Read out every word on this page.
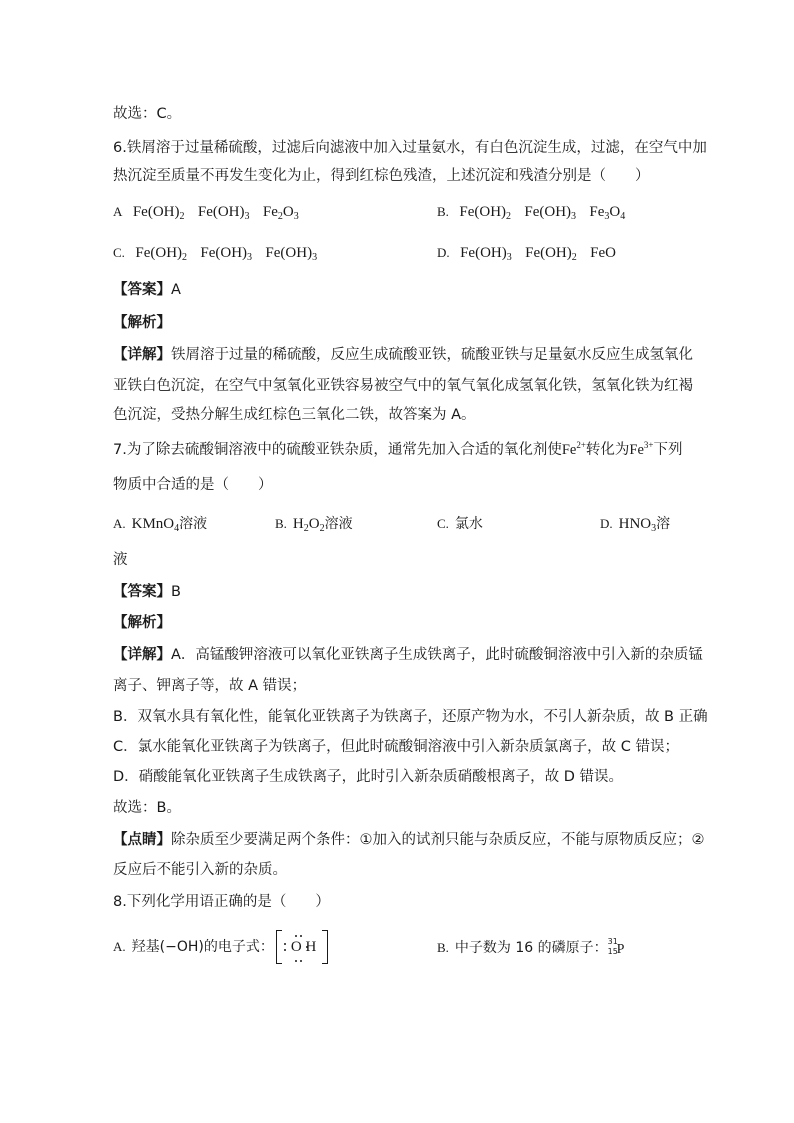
故选：C。
6.铁屑溶于过量稀硫酸，过滤后向滤液中加入过量氨水，有白色沉淀生成，过滤，在空气中加
热沉淀至质量不再发生变化为止，得到红棕色残渣，上述沉淀和残渣分别是（　　）
A $Fe(OH)_2$ $Fe(OH)_3$ $Fe_2O_3$	B. $Fe(OH)_2$ $Fe(OH)_3$ $Fe_3O_4$
C. $Fe(OH)_2$ $Fe(OH)_3$ $Fe(OH)_3$	D. $Fe(OH)_3$ $Fe(OH)_2$ FeO
【答案】A
【解析】
【详解】铁屑溶于过量的稀硫酸，反应生成硫酸亚铁，硫酸亚铁与足量氨水反应生成氢氧化
亚铁白色沉淀，在空气中氢氧化亚铁容易被空气中的氧气氧化成氢氧化铁，氢氧化铁为红褐
色沉淀，受热分解生成红棕色三氧化二铁，故答案为 A。
7.为了除去硫酸铜溶液中的硫酸亚铁杂质，通常先加入合适的氧化剂使$Fe^{2+}$转化为$Fe^{3+}$下列
物质中合适的是（　　）
A. KMnO$_4$溶液	B. $H_2O_2$溶液	C. 氯水	D. $HNO_3$溶
液
【答案】B
【解析】
【详解】A．高锰酸钾溶液可以氧化亚铁离子生成铁离子，此时硫酸铜溶液中引入新的杂质锰
离子、钾离子等，故 A 错误；
B．双氧水具有氧化性，能氧化亚铁离子为铁离子，还原产物为水，不引人新杂质，故 B 正确
C．氯水能氧化亚铁离子为铁离子，但此时硫酸铜溶液中引入新杂质氯离子，故 C 错误；
D．硝酸能氧化亚铁离子生成铁离子，此时引入新杂质硝酸根离子，故 D 错误。
故选：B。
【点睛】除杂质至少要满足两个条件：①加入的试剂只能与杂质反应，不能与原物质反应；②
反应后不能引入新的杂质。
8.下列化学用语正确的是（　　）
A. 羟基(−OH)的电子式：	O H	B. 中子数为 16 的磷原子： 31
15
P
